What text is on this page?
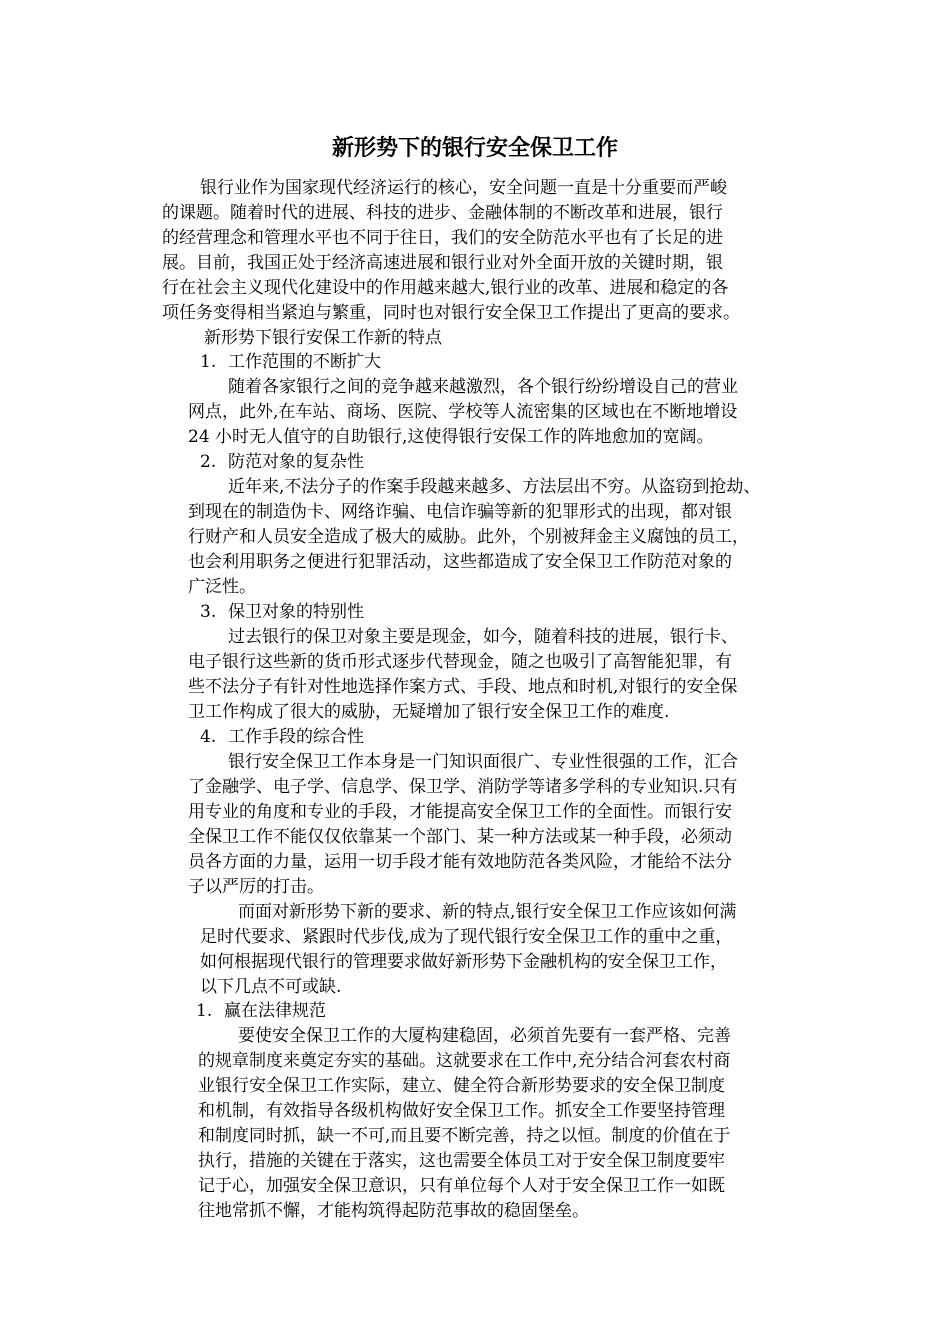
新形势下的银行安全保卫工作
银行业作为国家现代经济运行的核心，安全问题一直是十分重要而严峻
的课题。随着时代的进展、科技的进步、金融体制的不断改革和进展，银行
的经营理念和管理水平也不同于往日，我们的安全防范水平也有了长足的进
展。目前，我国正处于经济高速进展和银行业对外全面开放的关键时期，银
行在社会主义现代化建设中的作用越来越大,银行业的改革、进展和稳定的各
项任务变得相当紧迫与繁重，同时也对银行安全保卫工作提出了更高的要求。
新形势下银行安保工作新的特点
1. 工作范围的不断扩大
随着各家银行之间的竞争越来越激烈，各个银行纷纷增设自己的营业
网点，此外,在车站、商场、医院、学校等人流密集的区域也在不断地增设
24 小时无人值守的自助银行,这使得银行安保工作的阵地愈加的宽阔。
2. 防范对象的复杂性
近年来,不法分子的作案手段越来越多、方法层出不穷。从盗窃到抢劫、
到现在的制造伪卡、网络诈骗、电信诈骗等新的犯罪形式的出现，都对银
行财产和人员安全造成了极大的威胁。此外，个别被拜金主义腐蚀的员工，
也会利用职务之便进行犯罪活动，这些都造成了安全保卫工作防范对象的
广泛性。
3. 保卫对象的特别性
过去银行的保卫对象主要是现金，如今，随着科技的进展，银行卡、
电子银行这些新的货币形式逐步代替现金，随之也吸引了高智能犯罪，有
些不法分子有针对性地选择作案方式、手段、地点和时机,对银行的安全保
卫工作构成了很大的威胁，无疑增加了银行安全保卫工作的难度.
4. 工作手段的综合性
银行安全保卫工作本身是一门知识面很广、专业性很强的工作，汇合
了金融学、电子学、信息学、保卫学、消防学等诸多学科的专业知识.只有
用专业的角度和专业的手段，才能提高安全保卫工作的全面性。而银行安
全保卫工作不能仅仅依靠某一个部门、某一种方法或某一种手段，必须动
员各方面的力量，运用一切手段才能有效地防范各类风险，才能给不法分
子以严厉的打击。
而面对新形势下新的要求、新的特点,银行安全保卫工作应该如何满
足时代要求、紧跟时代步伐,成为了现代银行安全保卫工作的重中之重，
如何根据现代银行的管理要求做好新形势下金融机构的安全保卫工作，
以下几点不可或缺.
1. 赢在法律规范
要使安全保卫工作的大厦构建稳固，必须首先要有一套严格、完善
的规章制度来奠定夯实的基础。这就要求在工作中,充分结合河套农村商
业银行安全保卫工作实际，建立、健全符合新形势要求的安全保卫制度
和机制，有效指导各级机构做好安全保卫工作。抓安全工作要坚持管理
和制度同时抓，缺一不可,而且要不断完善，持之以恒。制度的价值在于
执行，措施的关键在于落实，这也需要全体员工对于安全保卫制度要牢
记于心，加强安全保卫意识，只有单位每个人对于安全保卫工作一如既
往地常抓不懈，才能构筑得起防范事故的稳固堡垒。
